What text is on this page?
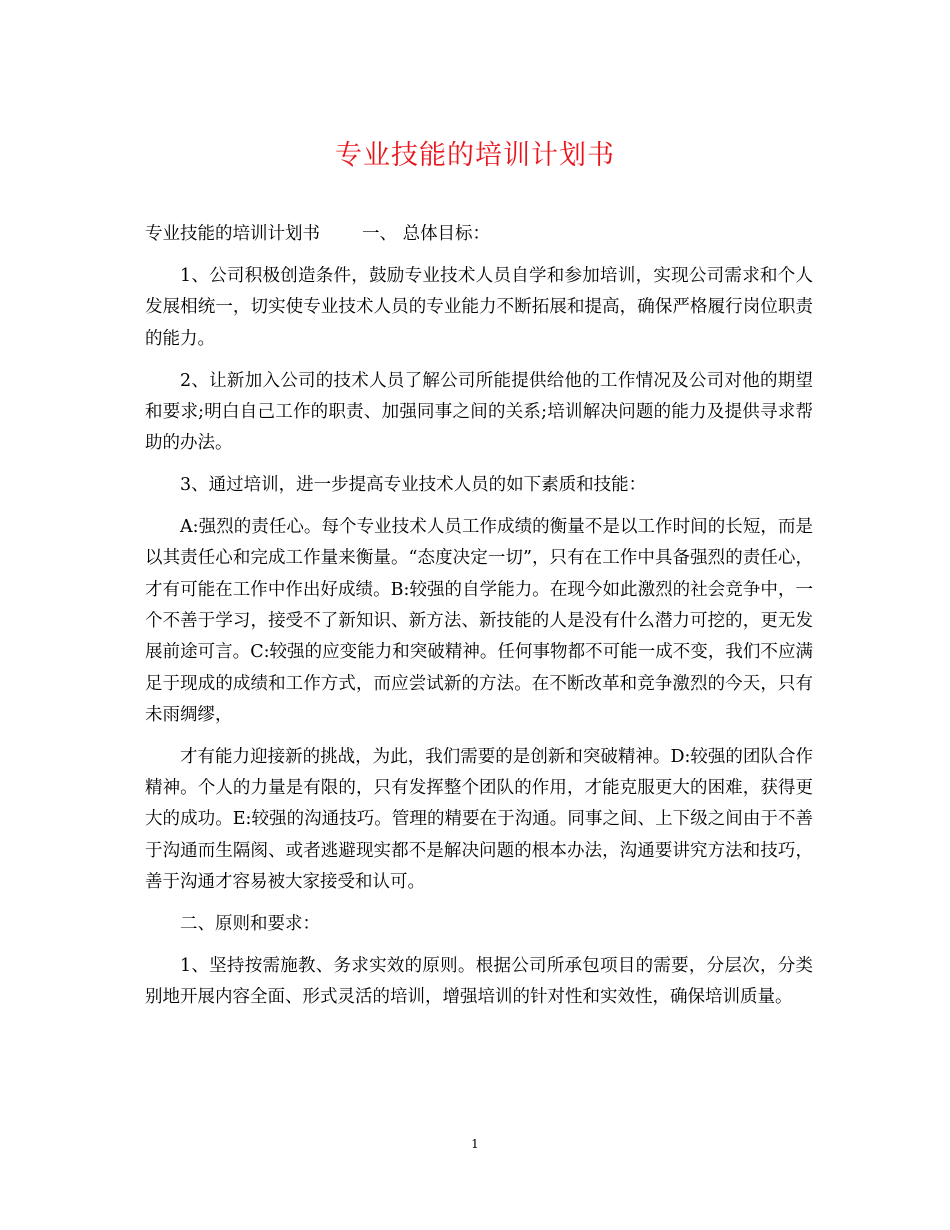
专业技能的培训计划书

专业技能的培训计划书 一、 总体目标：

1、公司积极创造条件，鼓励专业技术人员自学和参加培训，实现公司需求和个人发展相统一，切实使专业技术人员的专业能力不断拓展和提高，确保严格履行岗位职责的能力。

2、让新加入公司的技术人员了解公司所能提供给他的工作情况及公司对他的期望和要求;明白自己工作的职责、加强同事之间的关系;培训解决问题的能力及提供寻求帮助的办法。

3、通过培训，进一步提高专业技术人员的如下素质和技能：

A:强烈的责任心。每个专业技术人员工作成绩的衡量不是以工作时间的长短，而是以其责任心和完成工作量来衡量。“态度决定一切”，只有在工作中具备强烈的责任心，才有可能在工作中作出好成绩。B:较强的自学能力。在现今如此激烈的社会竞争中，一个不善于学习，接受不了新知识、新方法、新技能的人是没有什么潜力可挖的，更无发展前途可言。C:较强的应变能力和突破精神。任何事物都不可能一成不变，我们不应满足于现成的成绩和工作方式，而应尝试新的方法。在不断改革和竞争激烈的今天，只有未雨绸缪，

才有能力迎接新的挑战，为此，我们需要的是创新和突破精神。D:较强的团队合作精神。个人的力量是有限的，只有发挥整个团队的作用，才能克服更大的困难，获得更大的成功。E:较强的沟通技巧。管理的精要在于沟通。同事之间、上下级之间由于不善于沟通而生隔阂、或者逃避现实都不是解决问题的根本办法，沟通要讲究方法和技巧，善于沟通才容易被大家接受和认可。

二、原则和要求：

1、坚持按需施教、务求实效的原则。根据公司所承包项目的需要，分层次，分类别地开展内容全面、形式灵活的培训，增强培训的针对性和实效性，确保培训质量。

1
